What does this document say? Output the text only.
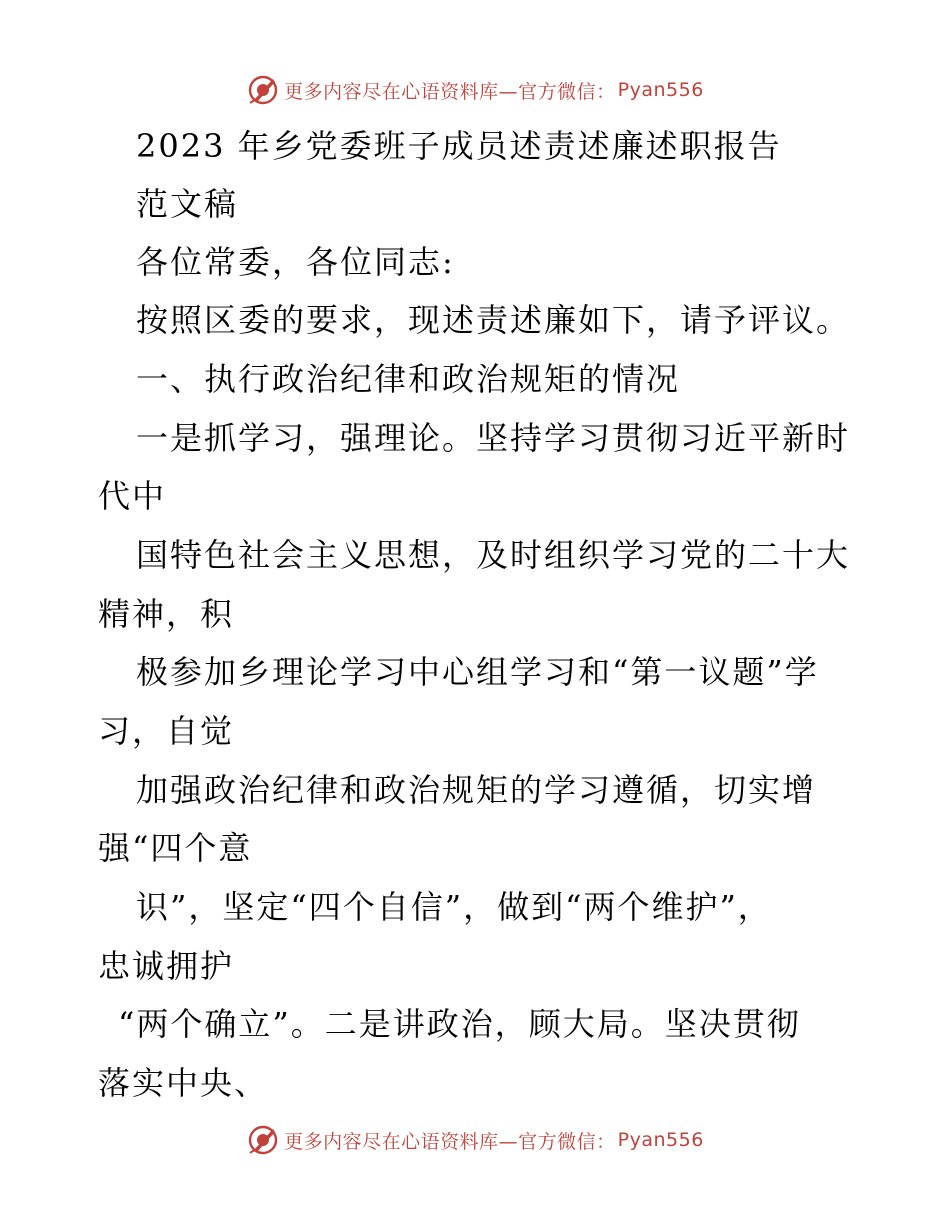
更多内容尽在心语资料库—官方微信： Pyan556
2023 年乡党委班子成员述责述廉述职报告
范文稿
各位常委，各位同志:
按照区委的要求，现述责述廉如下，请予评议。
一、执行政治纪律和政治规矩的情况
一是抓学习，强理论。坚持学习贯彻习近平新时
代中
国特色社会主义思想，及时组织学习党的二十大
精神，积
极参加乡理论学习中心组学习和“第一议题”学
习，自觉
加强政治纪律和政治规矩的学习遵循，切实增
强“四个意
识”，坚定“四个自信”，做到“两个维护”，
忠诚拥护
“两个确立”。二是讲政治，顾大局。坚决贯彻
落实中央、
更多内容尽在心语资料库—官方微信： Pyan556
